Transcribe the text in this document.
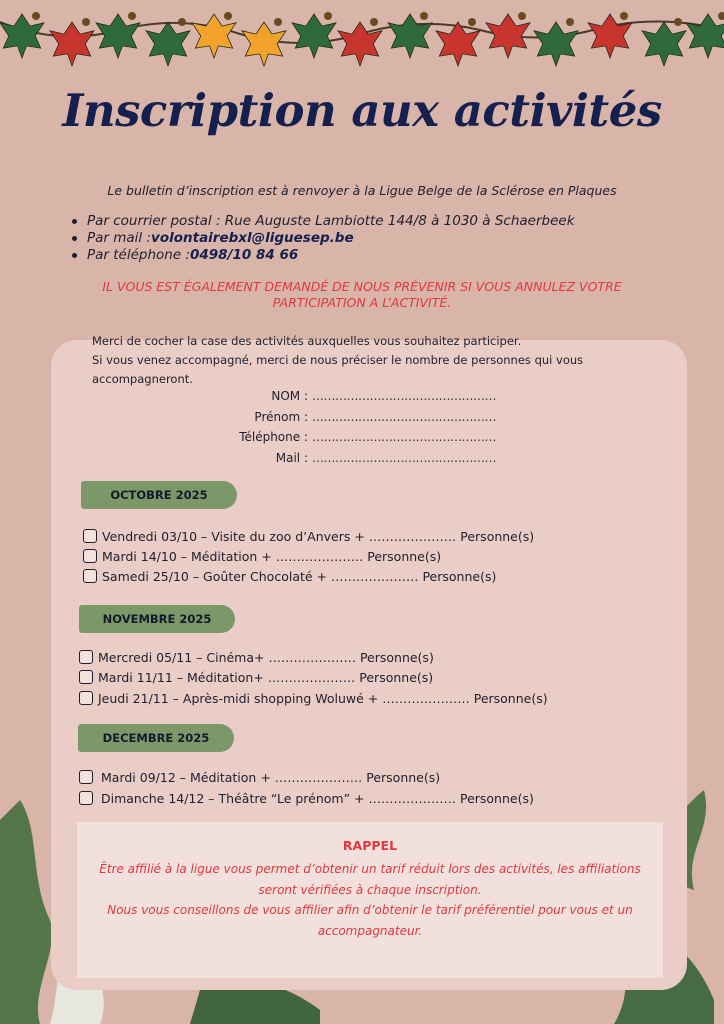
Inscription aux activités

Le bulletin d’inscription est à renvoyer à la Ligue Belge de la Sclérose en Plaques

Par courrier postal : Rue Auguste Lambiotte 144/8 à 1030 à Schaerbeek
Par mail : volontairebxl@liguesep.be
Par téléphone : 0498/10 84 66

IL VOUS EST ÉGALEMENT DEMANDÉ DE NOUS PRÉVENIR SI VOUS ANNULEZ VOTRE PARTICIPATION A L’ACTIVITÉ.

Merci de cocher la case des activités auxquelles vous souhaitez participer.
Si vous venez accompagné, merci de nous préciser le nombre de personnes qui vous accompagneront.
NOM : …………………………………………
Prénom : …………………………………………
Téléphone : …………………………………………
Mail : …………………………………………
OCTOBRE 2025
Vendredi 03/10 – Visite du zoo d’Anvers + ………………… Personne(s)
Mardi 14/10 – Méditation + ………………… Personne(s)
Samedi 25/10 – Goûter Chocolaté + ………………… Personne(s)
NOVEMBRE 2025
Mercredi 05/11 – Cinéma+ ………………… Personne(s)
Mardi 11/11 – Méditation+ ………………… Personne(s)
Jeudi 21/11 – Après-midi shopping Woluwé + ………………… Personne(s)
DECEMBRE 2025
Mardi 09/12 – Méditation + ………………… Personne(s)
Dimanche 14/12 – Théâtre “Le prénom” + ………………… Personne(s)
RAPPEL

Être affilié à la ligue vous permet d’obtenir un tarif réduit lors des activités, les affiliations seront vérifiées à chaque inscription.

Nous vous conseillons de vous affilier afin d’obtenir le tarif préférentiel pour vous et un accompagnateur.
